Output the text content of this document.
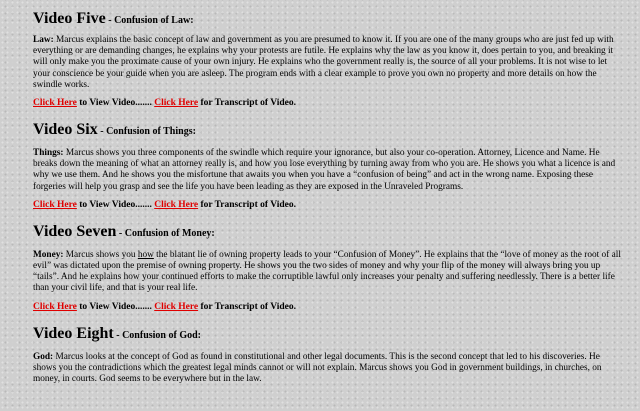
Video Five - Confusion of Law:

Law: Marcus explains the basic concept of law and government as you are presumed to know it. If you are one of the many groups who are just fed up with everything or are demanding changes, he explains why your protests are futile. He explains why the law as you know it, does pertain to you, and breaking it will only make you the proximate cause of your own injury. He explains who the government really is, the source of all your problems. It is not wise to let your conscience be your guide when you are asleep. The program ends with a clear example to prove you own no property and more details on how the swindle works.

Click Here to View Video....... Click Here for Transcript of Video.

Video Six - Confusion of Things:

Things: Marcus shows you three components of the swindle which require your ignorance, but also your co-operation. Attorney, Licence and Name. He breaks down the meaning of what an attorney really is, and how you lose everything by turning away from who you are. He shows you what a licence is and why we use them. And he shows you the misfortune that awaits you when you have a “confusion of being” and act in the wrong name. Exposing these forgeries will help you grasp and see the life you have been leading as they are exposed in the Unraveled Programs.

Click Here to View Video....... Click Here for Transcript of Video.

Video Seven - Confusion of Money:

Money: Marcus shows you how the blatant lie of owning property leads to your “Confusion of Money”. He explains that the “love of money as the root of all evil” was dictated upon the premise of owning property. He shows you the two sides of money and why your flip of the money will always bring you up “tails”. And he explains how your continued efforts to make the corruptible lawful only increases your penalty and suffering needlessly. There is a better life than your civil life, and that is your real life.

Click Here to View Video....... Click Here for Transcript of Video.

Video Eight - Confusion of God:

God: Marcus looks at the concept of God as found in constitutional and other legal documents. This is the second concept that led to his discoveries. He shows you the contradictions which the greatest legal minds cannot or will not explain. Marcus shows you God in government buildings, in churches, on money, in courts. God seems to be everywhere but in the law.
